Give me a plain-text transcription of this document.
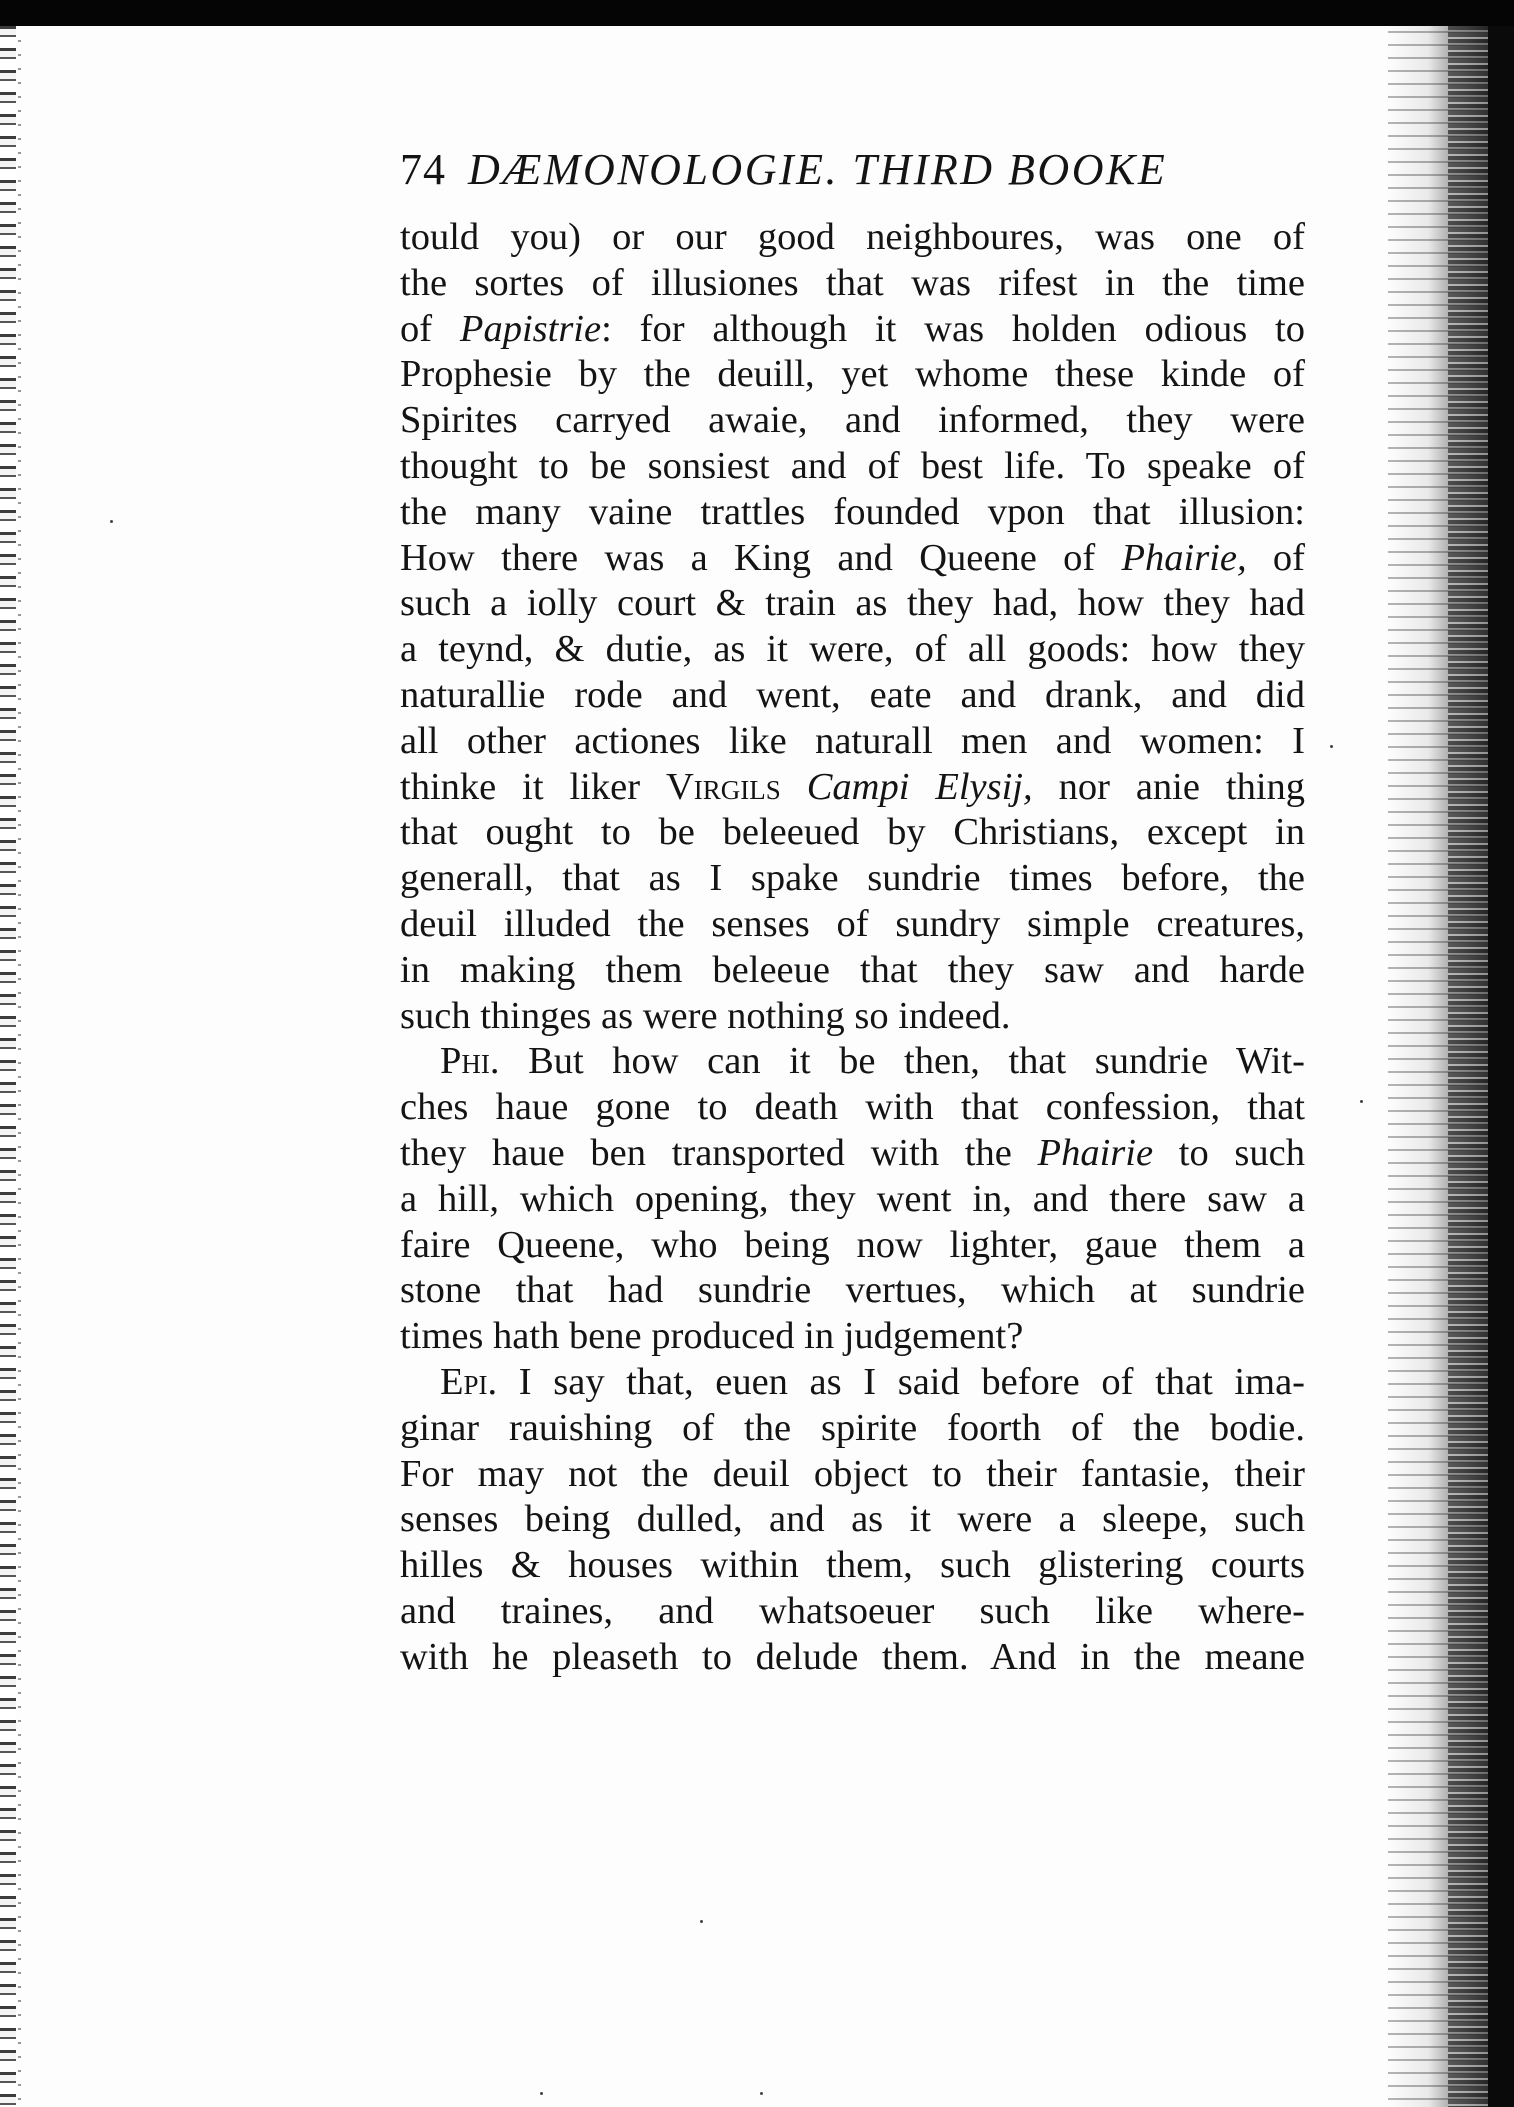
74 DÆMONOLOGIE. THIRD BOOKE
tould you) or our good neighboures, was one of
the sortes of illusiones that was rifest in the time
of Papistrie: for although it was holden odious to
Prophesie by the deuill, yet whome these kinde of
Spirites carryed awaie, and informed, they were
thought to be sonsiest and of best life. To speake of
the many vaine trattles founded vpon that illusion:
How there was a King and Queene of Phairie, of
such a iolly court & train as they had, how they had
a teynd, & dutie, as it were, of all goods: how they
naturallie rode and went, eate and drank, and did
all other actiones like naturall men and women: I
thinke it liker Virgils Campi Elysij, nor anie thing
that ought to be beleeued by Christians, except in
generall, that as I spake sundrie times before, the
deuil illuded the senses of sundry simple creatures,
in making them beleeue that they saw and harde
such thinges as were nothing so indeed.
Phi. But how can it be then, that sundrie Wit-
ches haue gone to death with that confession, that
they haue ben transported with the Phairie to such
a hill, which opening, they went in, and there saw a
faire Queene, who being now lighter, gaue them a
stone that had sundrie vertues, which at sundrie
times hath bene produced in judgement?
Epi. I say that, euen as I said before of that ima-
ginar rauishing of the spirite foorth of the bodie.
For may not the deuil object to their fantasie, their
senses being dulled, and as it were a sleepe, such
hilles & houses within them, such glistering courts
and traines, and whatsoeuer such like where-
with he pleaseth to delude them. And in the meane
